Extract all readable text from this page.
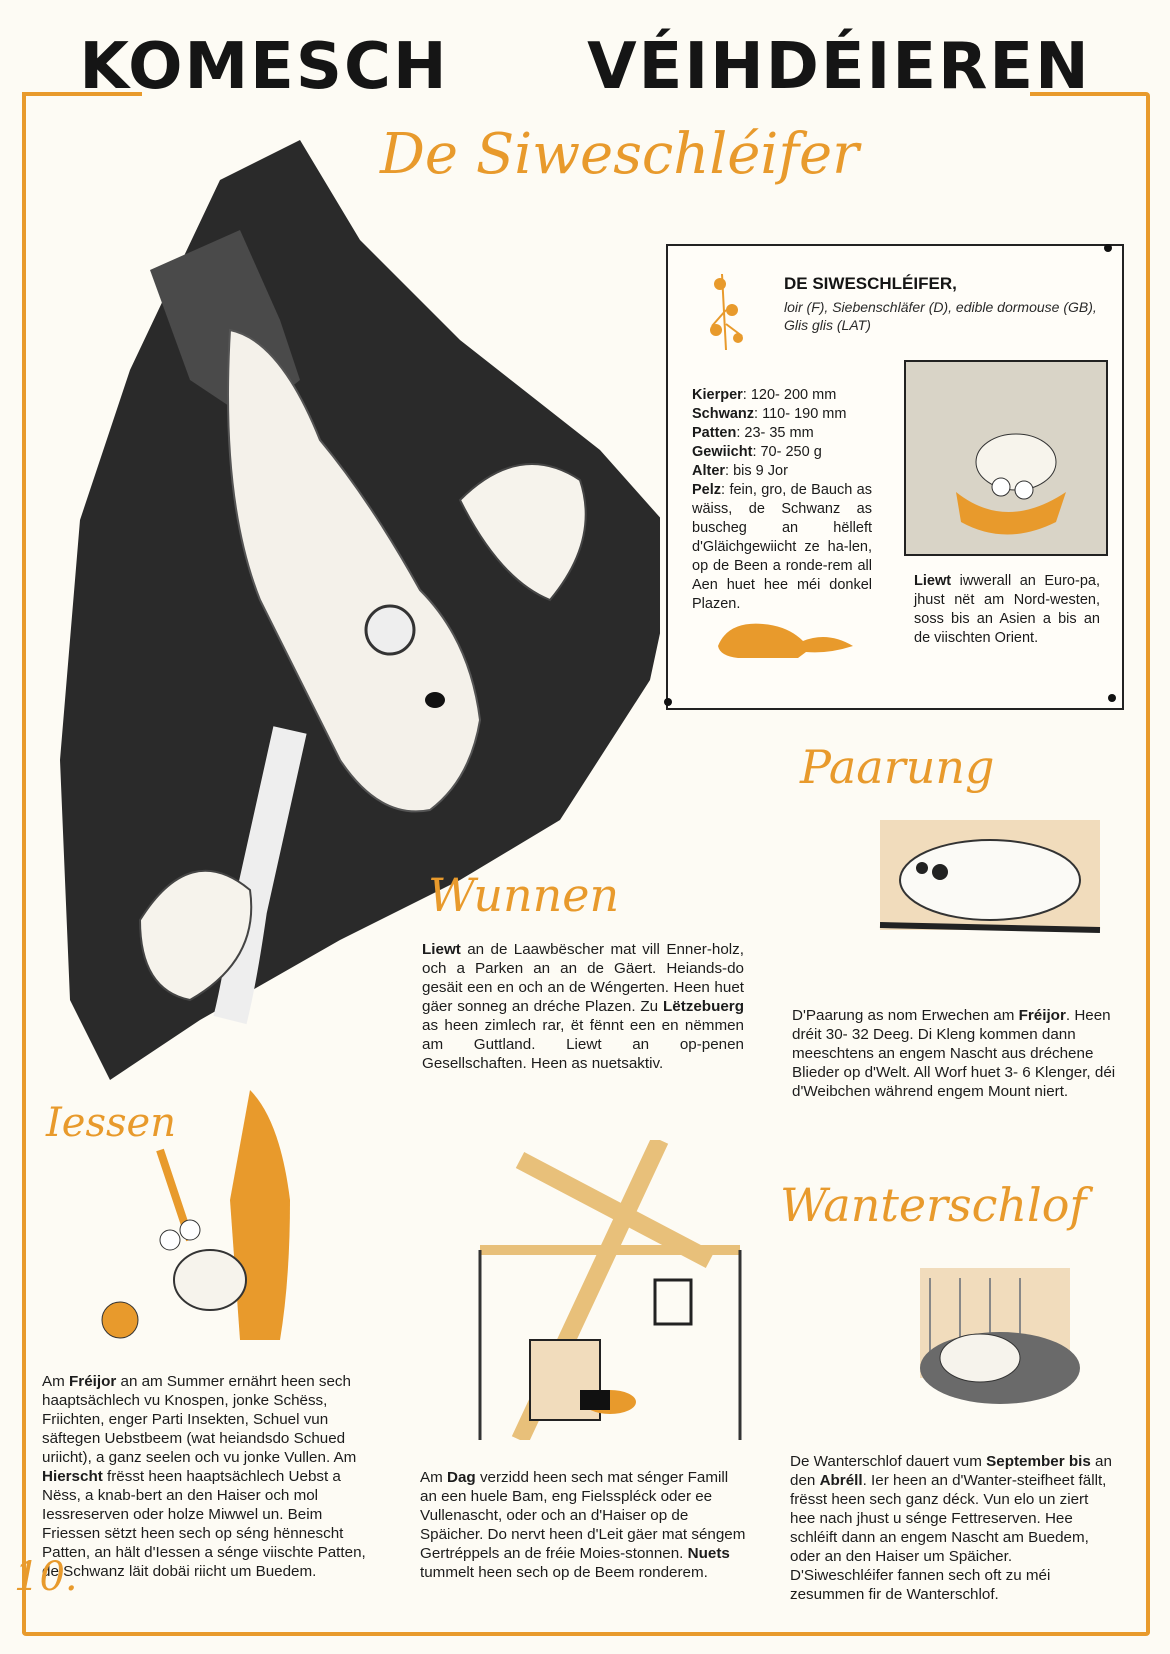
KOMESCH VÉIHDÉIEREN
De Siweschléifer
DE SIWESCHLÉIFER,
loir (F), Siebenschläfer (D), edible dormouse (GB), Glis glis (LAT)
Kierper: 120- 200 mm
Schwanz: 110- 190 mm
Patten: 23- 35 mm
Gewiicht: 70- 250 g
Alter: bis 9 Jor
Pelz: fein, gro, de Bauch as wäiss, de Schwanz as buscheg an hëlleft d'Gläichgewiicht ze ha-len, op de Been a ronde-rem all Aen huet hee méi donkel Plazen.
Liewt iwwerall an Euro-pa, jhust nët am Nord-westen, soss bis an Asien a bis an de viischten Orient.
Paarung
D'Paarung as nom Erwechen am Fréijor. Heen dréit 30- 32 Deeg. Di Kleng kommen dann meeschtens an engem Nascht aus dréchene Blieder op d'Welt. All Worf huet 3- 6 Klenger, déi d'Weibchen während engem Mount niert.
Wunnen
Liewt an de Laawbëscher mat vill Enner-holz, och a Parken an an de Gäert. Heiands-do gesäit een en och an de Wéngerten. Heen huet gäer sonneg an dréche Plazen. Zu Lëtzebuerg as heen zimlech rar, ët fënnt een en nëmmen am Guttland. Liewt an op-penen Gesellschaften. Heen as nuetsaktiv.
Iessen
Am Fréijor an am Summer ernährt heen sech haaptsächlech vu Knospen, jonke Schëss, Friichten, enger Parti Insekten, Schuel vun säftegen Uebstbeem (wat heiandsdo Schued uriicht), a ganz seelen och vu jonke Vullen. Am Hierscht frësst heen haaptsächlech Uebst a Nëss, a knab-bert an den Haiser och mol Iessreserven oder holze Miwwel un. Beim Friessen sëtzt heen sech op séng hënnescht Patten, an hält d'Iessen a sénge viischte Patten, de Schwanz läit dobäi riicht um Buedem.
Am Dag verzidd heen sech mat sénger Famill an een huele Bam, eng Fielsspléck oder ee Vullenascht, oder och an d'Haiser op de Späicher. Do nervt heen d'Leit gäer mat séngem Gertréppels an de fréie Moies-stonnen. Nuets tummelt heen sech op de Beem ronderem.
Wanterschlof
De Wanterschlof dauert vum September bis an den Abréll. Ier heen an d'Wanter-steifheet fällt, frësst heen sech ganz déck. Vun elo un ziert hee nach jhust u sénge Fettreserven. Hee schléift dann an engem Nascht am Buedem, oder an den Haiser um Späicher. D'Siweschléifer fannen sech oft zu méi zesummen fir de Wanterschlof.
10.
